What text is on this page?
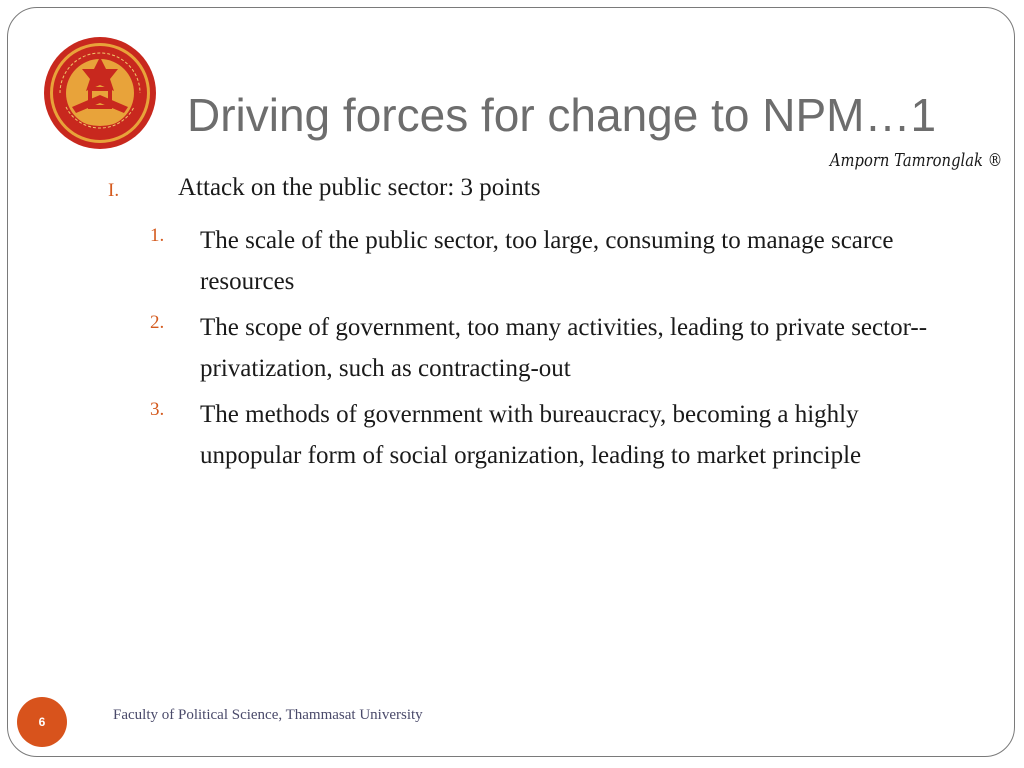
Driving forces for change to NPM…1
Amporn Tamronglak ®
I. Attack on the public sector: 3 points
1. The scale of the public sector, too large, consuming to manage scarce resources
2. The scope of government, too many activities, leading to private sector--privatization, such as contracting-out
3. The methods of government with bureaucracy, becoming a highly unpopular form of social organization, leading to market principle
6	Faculty of Political Science, Thammasat University
